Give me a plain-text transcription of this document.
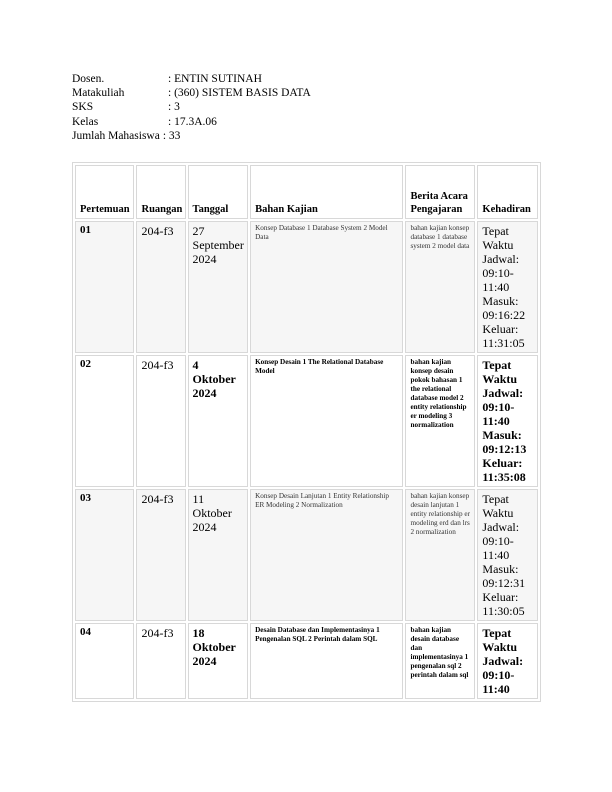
Dosen.	: ENTIN SUTINAH
Matakuliah	: (360) SISTEM BASIS DATA
SKS	: 3
Kelas	: 17.3A.06
Jumlah Mahasiswa : 33
Pertemuan	Ruangan	Tanggal	Bahan Kajian	Berita Acara Pengajaran	Kehadiran
01	204-f3	27 September 2024	Konsep Database 1 Database System 2 Model Data	bahan kajian konsep database 1 database system 2 model data	Tepat Waktu Jadwal: 09:10-11:40 Masuk: 09:16:22 Keluar: 11:31:05
02	204-f3	4 Oktober 2024	Konsep Desain 1 The Relational Database Model	bahan kajian konsep desain pokok bahasan 1 the relational database model 2 entity relationship er modeling 3 normalization	Tepat Waktu Jadwal: 09:10-11:40 Masuk: 09:12:13 Keluar: 11:35:08
03	204-f3	11 Oktober 2024	Konsep Desain Lanjutan 1 Entity Relationship ER Modeling 2 Normalization	bahan kajian konsep desain lanjutan 1 entity relationship er modeling erd dan lrs 2 normalization	Tepat Waktu Jadwal: 09:10-11:40 Masuk: 09:12:31 Keluar: 11:30:05
04	204-f3	18 Oktober 2024	Desain Database dan Implementasinya 1 Pengenalan SQL 2 Perintah dalam SQL	bahan kajian desain database dan implementasinya 1 pengenalan sql 2 perintah dalam sql	Tepat Waktu Jadwal: 09:10-11:40
